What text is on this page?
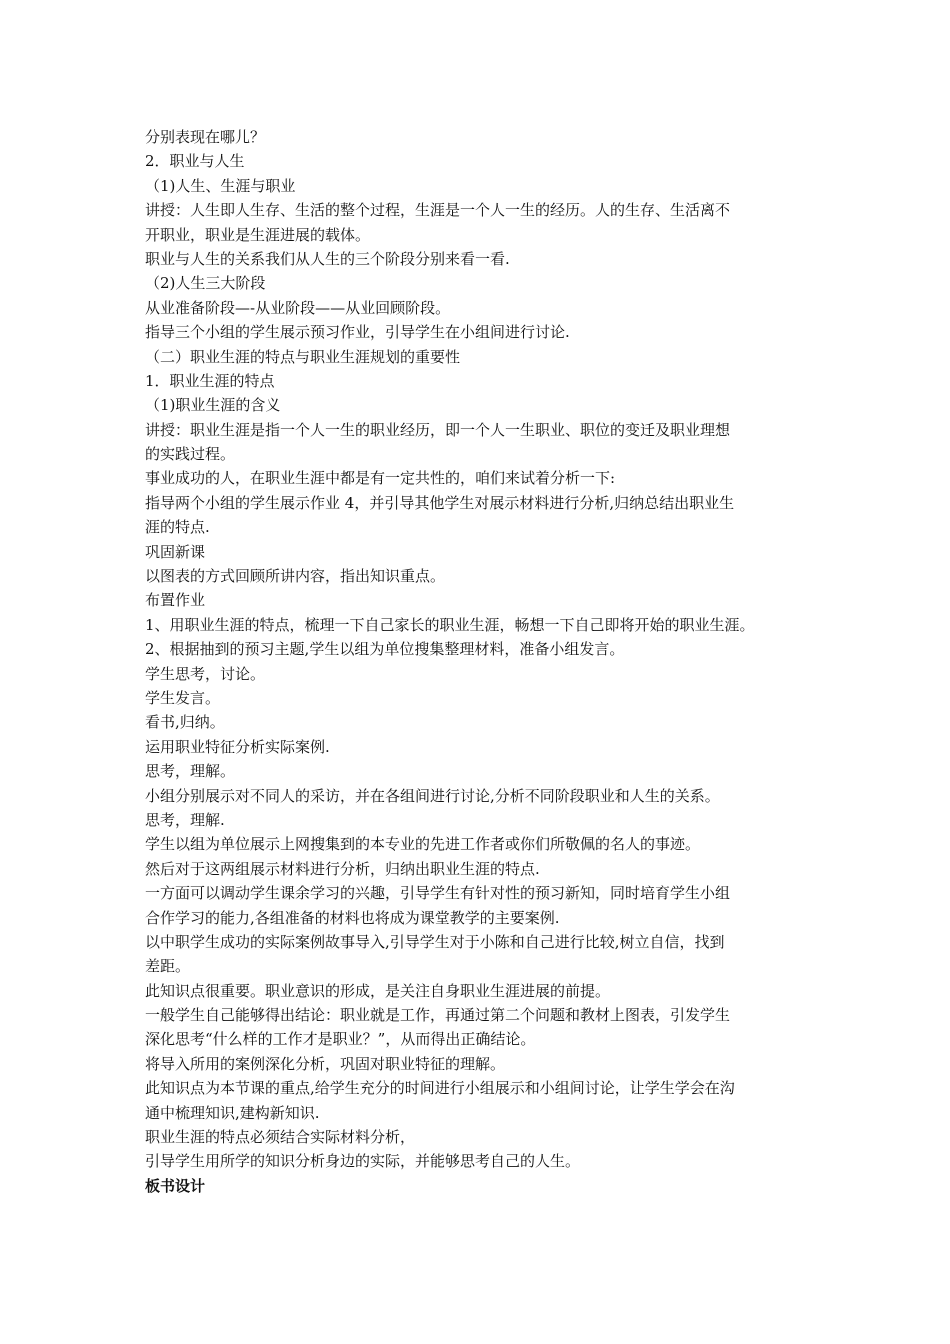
分别表现在哪儿？

2．职业与人生

（1)人生、生涯与职业

讲授：人生即人生存、生活的整个过程，生涯是一个人一生的经历。人的生存、生活离不

开职业，职业是生涯进展的载体。

职业与人生的关系我们从人生的三个阶段分别来看一看.

（2)人生三大阶段

从业准备阶段—-从业阶段——从业回顾阶段。

指导三个小组的学生展示预习作业，引导学生在小组间进行讨论.

（二）职业生涯的特点与职业生涯规划的重要性

1．职业生涯的特点

（1)职业生涯的含义

讲授：职业生涯是指一个人一生的职业经历，即一个人一生职业、职位的变迁及职业理想

的实践过程。

事业成功的人，在职业生涯中都是有一定共性的，咱们来试着分析一下:

指导两个小组的学生展示作业 4，并引导其他学生对展示材料进行分析,归纳总结出职业生

涯的特点.

巩固新课

以图表的方式回顾所讲内容，指出知识重点。

布置作业

1、用职业生涯的特点，梳理一下自己家长的职业生涯，畅想一下自己即将开始的职业生涯。

2、根据抽到的预习主题,学生以组为单位搜集整理材料，准备小组发言。

学生思考，讨论。

学生发言。

看书,归纳。

运用职业特征分析实际案例.

思考，理解。

小组分别展示对不同人的采访，并在各组间进行讨论,分析不同阶段职业和人生的关系。

思考，理解.

学生以组为单位展示上网搜集到的本专业的先进工作者或你们所敬佩的名人的事迹。

然后对于这两组展示材料进行分析，归纳出职业生涯的特点.

一方面可以调动学生课余学习的兴趣，引导学生有针对性的预习新知，同时培育学生小组

合作学习的能力,各组准备的材料也将成为课堂教学的主要案例.

以中职学生成功的实际案例故事导入,引导学生对于小陈和自己进行比较,树立自信，找到

差距。

此知识点很重要。职业意识的形成，是关注自身职业生涯进展的前提。

一般学生自己能够得出结论：职业就是工作，再通过第二个问题和教材上图表，引发学生

深化思考“什么样的工作才是职业？”，从而得出正确结论。

将导入所用的案例深化分析，巩固对职业特征的理解。

此知识点为本节课的重点,给学生充分的时间进行小组展示和小组间讨论，让学生学会在沟

通中梳理知识,建构新知识.

职业生涯的特点必须结合实际材料分析，

引导学生用所学的知识分析身边的实际，并能够思考自己的人生。

板书设计
